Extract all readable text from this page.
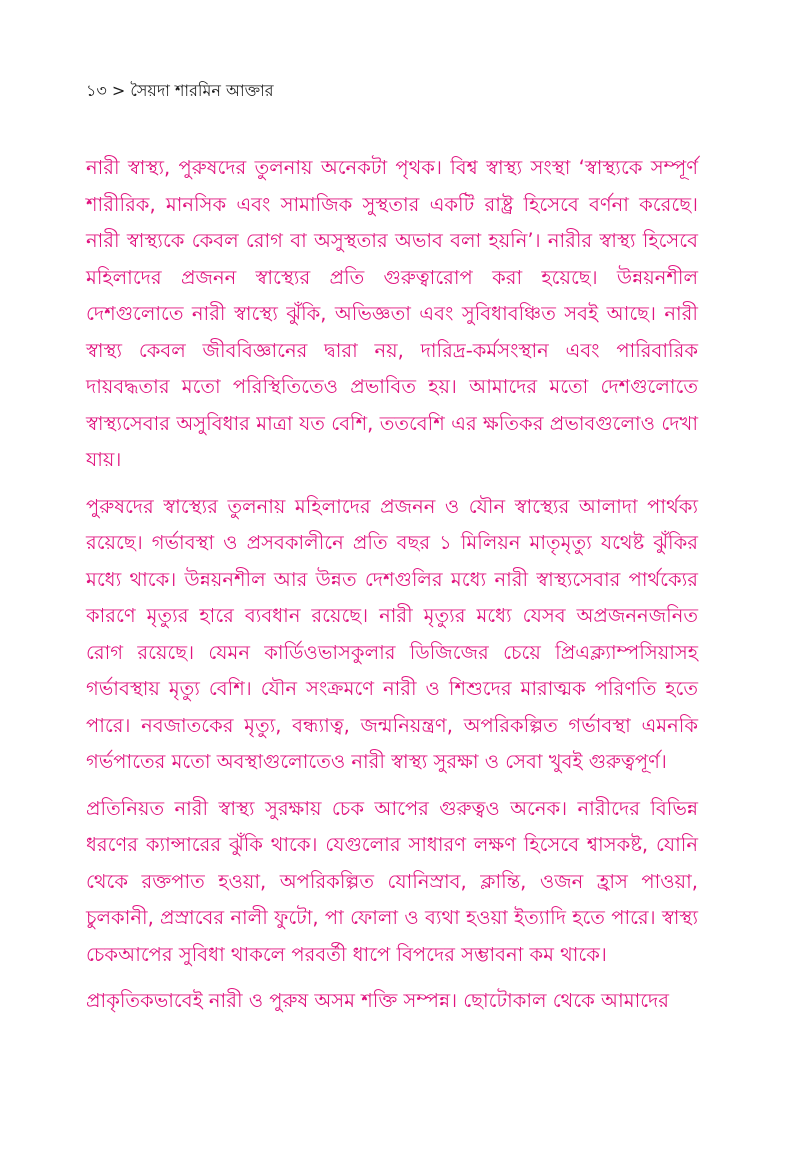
১৩ > সৈয়দা শারমিন আক্তার

নারী স্বাস্থ্য, পুরুষদের তুলনায় অনেকটা পৃথক। বিশ্ব স্বাস্থ্য সংস্থা ‘স্বাস্থ্যকে সম্পূর্ণ শারীরিক, মানসিক এবং সামাজিক সুস্থতার একটি রাষ্ট্র হিসেবে বর্ণনা করেছে। নারী স্বাস্থ্যকে কেবল রোগ বা অসুস্থতার অভাব বলা হয়নি’। নারীর স্বাস্থ্য হিসেবে মহিলাদের প্রজনন স্বাস্থ্যের প্রতি গুরুত্বারোপ করা হয়েছে। উন্নয়নশীল দেশগুলোতে নারী স্বাস্থ্যে ঝুঁকি, অভিজ্ঞতা এবং সুবিধাবঞ্চিত সবই আছে। নারী স্বাস্থ্য কেবল জীববিজ্ঞানের দ্বারা নয়, দারিদ্র-কর্মসংস্থান এবং পারিবারিক দায়বদ্ধতার মতো পরিস্থিতিতেও প্রভাবিত হয়। আমাদের মতো দেশগুলোতে স্বাস্থ্যসেবার অসুবিধার মাত্রা যত বেশি, ততবেশি এর ক্ষতিকর প্রভাবগুলোও দেখা যায়।

পুরুষদের স্বাস্থ্যের তুলনায় মহিলাদের প্রজনন ও যৌন স্বাস্থ্যের আলাদা পার্থক্য রয়েছে। গর্ভাবস্থা ও প্রসবকালীনে প্রতি বছর ১ মিলিয়ন মাতৃমৃত্যু যথেষ্ট ঝুঁকির মধ্যে থাকে। উন্নয়নশীল আর উন্নত দেশগুলির মধ্যে নারী স্বাস্থ্যসেবার পার্থক্যের কারণে মৃত্যুর হারে ব্যবধান রয়েছে। নারী মৃত্যুর মধ্যে যেসব অপ্রজননজনিত রোগ রয়েছে। যেমন কার্ডিওভাসকুলার ডিজিজের চেয়ে প্রিএক্ল্যাম্পসিয়াসহ গর্ভাবস্থায় মৃত্যু বেশি। যৌন সংক্রমণে নারী ও শিশুদের মারাত্মক পরিণতি হতে পারে। নবজাতকের মৃত্যু, বন্ধ্যাত্ব, জন্মনিয়ন্ত্রণ, অপরিকল্পিত গর্ভাবস্থা এমনকি গর্ভপাতের মতো অবস্থাগুলোতেও নারী স্বাস্থ্য সুরক্ষা ও সেবা খুবই গুরুত্বপূর্ণ।

প্রতিনিয়ত নারী স্বাস্থ্য সুরক্ষায় চেক আপের গুরুত্বও অনেক। নারীদের বিভিন্ন ধরণের ক্যান্সারের ঝুঁকি থাকে। যেগুলোর সাধারণ লক্ষণ হিসেবে শ্বাসকষ্ট, যোনি থেকে রক্তপাত হওয়া, অপরিকল্পিত যোনিস্রাব, ক্লান্তি, ওজন হ্রাস পাওয়া, চুলকানী, প্রস্রাবের নালী ফুটো, পা ফোলা ও ব্যথা হওয়া ইত্যাদি হতে পারে। স্বাস্থ্য চেকআপের সুবিধা থাকলে পরবর্তী ধাপে বিপদের সম্ভাবনা কম থাকে।

প্রাকৃতিকভাবেই নারী ও পুরুষ অসম শক্তি সম্পন্ন। ছোটোকাল থেকে আমাদের
